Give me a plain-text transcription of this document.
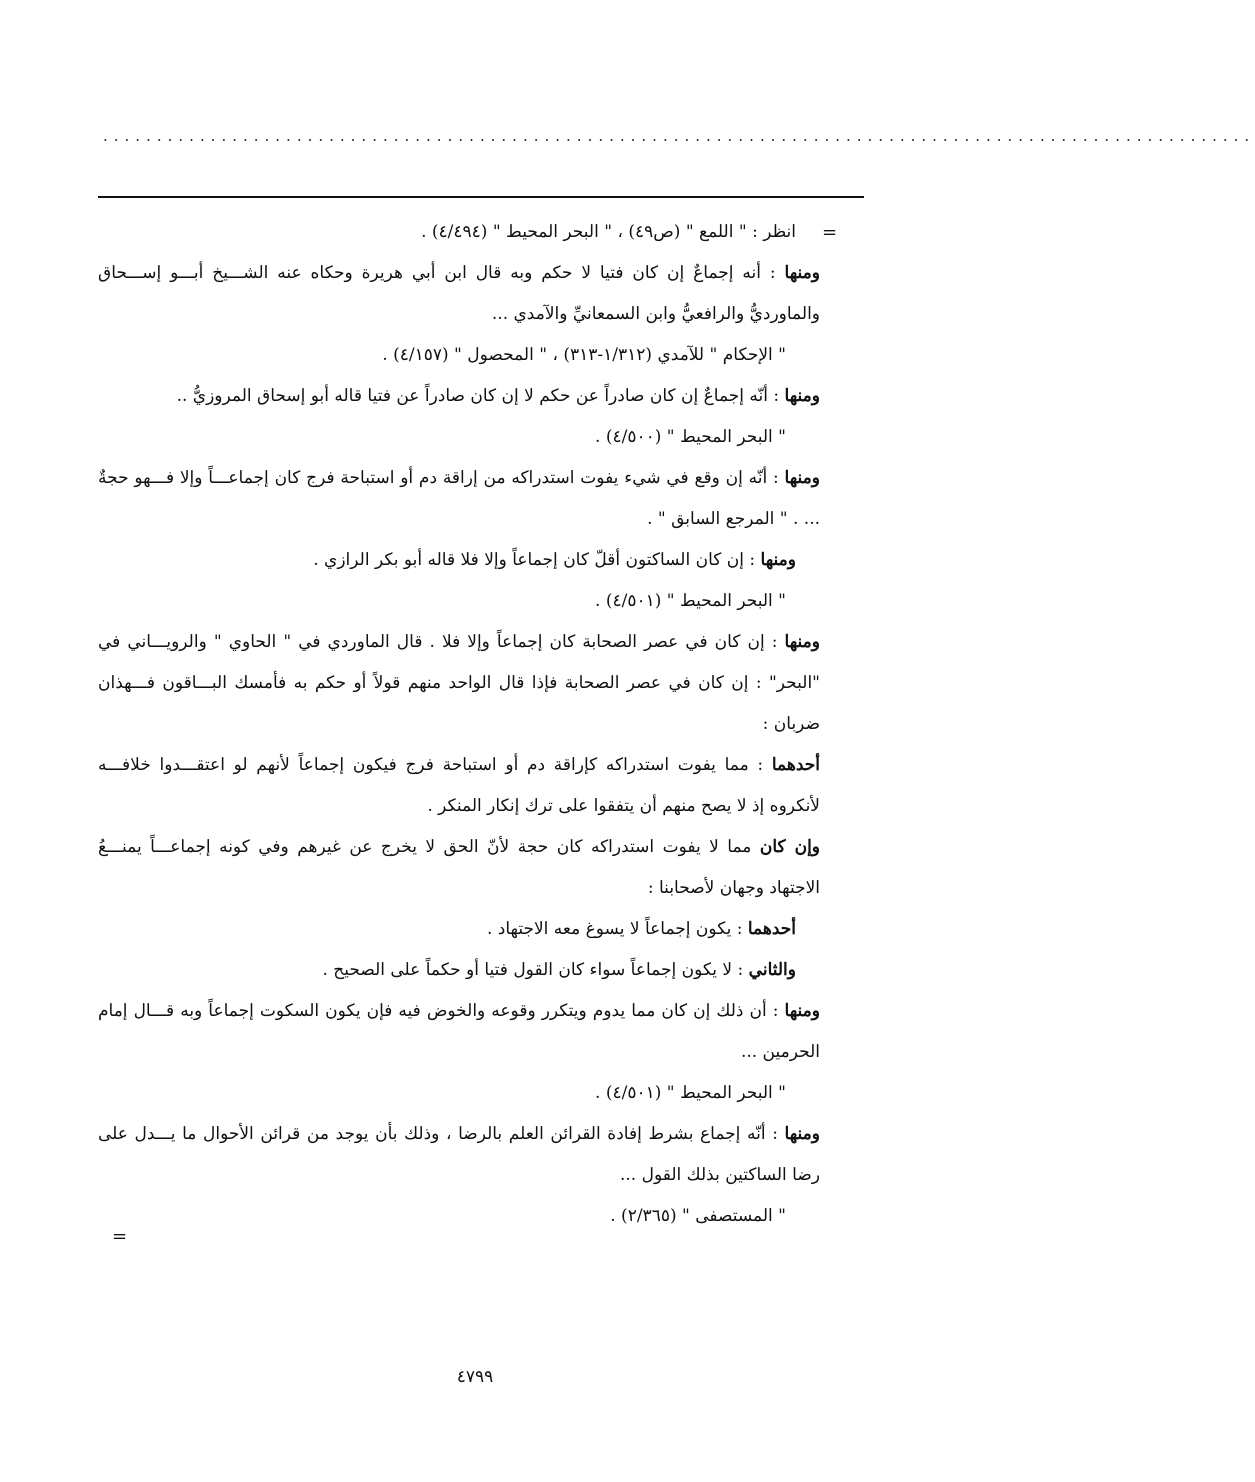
...........................................................................................................
=

انظر : " اللمع " (ص٤٩) ، " البحر المحيط " (٤/٤٩٤) .

ومنها : أنه إجماعٌ إن كان فتيا لا حكم وبه قال ابن أبي هريرة وحكاه عنه الشـــيخ أبـــو إســـحاق والماورديُّ والرافعيُّ وابن السمعانيِّ والآمدي ...

" الإحكام " للآمدي (١/٣١٢-٣١٣) ، " المحصول " (٤/١٥٧) .

ومنها : أنّه إجماعٌ إن كان صادراً عن حكم لا إن كان صادراً عن فتيا قاله أبو إسحاق المروزيُّ ..

" البحر المحيط " (٤/٥٠٠) .

ومنها : أنّه إن وقع في شيء يفوت استدراكه من إراقة دم أو استباحة فرج كان إجماعـــاً وإلا فـــهو حجةٌ ... . " المرجع السابق " .

ومنها : إن كان الساكتون أقلّ كان إجماعاً وإلا فلا قاله أبو بكر الرازي .

" البحر المحيط " (٤/٥٠١) .

ومنها : إن كان في عصر الصحابة كان إجماعاً وإلا فلا . قال الماوردي في " الحاوي " والرويـــاني في "البحر" : إن كان في عصر الصحابة فإذا قال الواحد منهم قولاً أو حكم به فأمسك البـــاقون فـــهذان ضربان :

أحدهما : مما يفوت استدراكه كإراقة دم أو استباحة فرج فيكون إجماعاً لأنهم لو اعتقـــدوا خلافـــه لأنكروه إذ لا يصح منهم أن يتفقوا على ترك إنكار المنكر .

وإن كان مما لا يفوت استدراكه كان حجة لأنّ الحق لا يخرج عن غيرهم وفي كونه إجماعـــاً يمنـــعُ الاجتهاد وجهان لأصحابنا :

أحدهما : يكون إجماعاً لا يسوغ معه الاجتهاد .

والثاني : لا يكون إجماعاً سواء كان القول فتيا أو حكماً على الصحيح .

ومنها : أن ذلك إن كان مما يدوم ويتكرر وقوعه والخوض فيه فإن يكون السكوت إجماعاً وبه قـــال إمام الحرمين ...

" البحر المحيط " (٤/٥٠١) .

ومنها : أنّه إجماع بشرط إفادة القرائن العلم بالرضا ، وذلك بأن يوجد من قرائن الأحوال ما يـــدل على رضا الساكتين بذلك القول ...

" المستصفى " (٢/٣٦٥) .

=
٤٧٩٩
